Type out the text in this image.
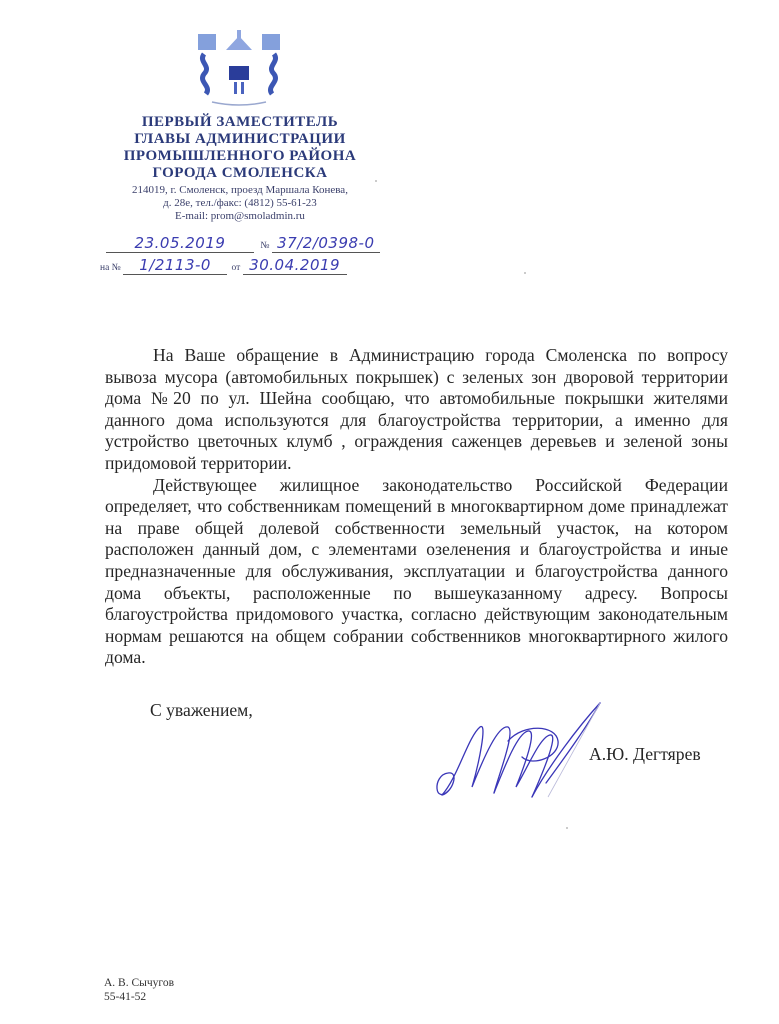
ПЕРВЫЙ ЗАМЕСТИТЕЛЬ
ГЛАВЫ АДМИНИСТРАЦИИ
ПРОМЫШЛЕННОГО РАЙОНА
ГОРОДА СМОЛЕНСКА
214019, г. Смоленск, проезд Маршала Конева,
д. 28е, тел./факс: (4812) 55-61-23
E-mail: prom@smoladmin.ru
23.05.2019	№ 37/2/0398-0
на № 1/2113-0 от 30.04.2019

На Ваше обращение в Администрацию города Смоленска по вопросу вывоза мусора (автомобильных покрышек) с зеленых зон дворовой территории дома №20 по ул. Шейна сообщаю, что автомобильные покрышки жителями данного дома используются для благоустройства территории, а именно для устройство цветочных клумб , ограждения саженцев деревьев и зеленой зоны придомовой территории.

Действующее жилищное законодательство Российской Федерации определяет, что собственникам помещений в многоквартирном доме принадлежат на праве общей долевой собственности земельный участок, на котором расположен данный дом, с элементами озеленения и благоустройства и иные предназначенные для обслуживания, эксплуатации и благоустройства данного дома объекты, расположенные по вышеуказанному адресу. Вопросы благоустройства придомового участка, согласно действующим законодательным нормам решаются на общем собрании собственников многоквартирного жилого дома.

С уважением,
А.Ю. Дегтярев
А. В. Сычугов
55-41-52
